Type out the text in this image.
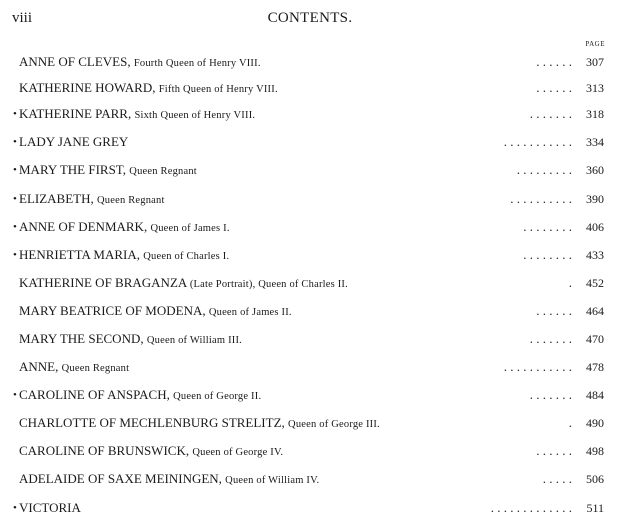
viii	CONTENTS.
PAGE
ANNE OF CLEVES, Fourth Queen of Henry VIII.	. . . . . . 307
KATHERINE HOWARD, Fifth Queen of Henry VIII.	. . . . . . 313
• KATHERINE PARR, Sixth Queen of Henry VIII.	. . . . . . . 318
• LADY JANE GREY	. . . . . . . . . . . 334
• MARY THE FIRST, Queen Regnant	. . . . . . . . . 360
• ELIZABETH, Queen Regnant	. . . . . . . . . . 390
• ANNE OF DENMARK, Queen of James I.	. . . . . . . . 406
• HENRIETTA MARIA, Queen of Charles I.	. . . . . . . . 433
KATHERINE OF BRAGANZA (Late Portrait), Queen of Charles II.	. 452
MARY BEATRICE OF MODENA, Queen of James II.	. . . . . . 464
MARY THE SECOND, Queen of William III.	. . . . . . . 470
ANNE, Queen Regnant	. . . . . . . . . . . 478
• CAROLINE OF ANSPACH, Queen of George II.	. . . . . . . 484
CHARLOTTE OF MECHLENBURG STRELITZ, Queen of George III.	. 490
CAROLINE OF BRUNSWICK, Queen of George IV.	. . . . . . 498
ADELAIDE OF SAXE MEININGEN, Queen of William IV.	. . . . . 506
• VICTORIA	. . . . . . . . . . . . . 511
